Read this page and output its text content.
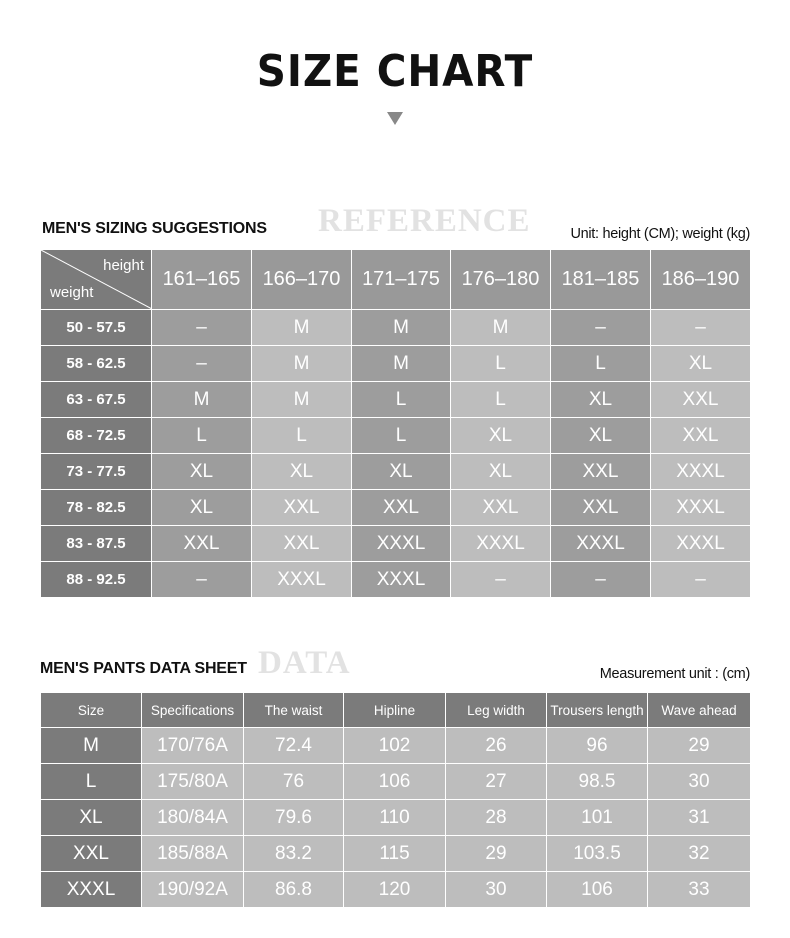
SIZE CHART
REFERENCE
MEN'S SIZING SUGGESTIONS	Unit: height (CM); weight (kg)
height
weight	161–165	166–170	171–175	176–180	181–185	186–190
50 - 57.5	–	M	M	M	–	–
58 - 62.5	–	M	M	L	L	XL
63 - 67.5	M	M	L	L	XL	XXL
68 - 72.5	L	L	L	XL	XL	XXL
73 - 77.5	XL	XL	XL	XL	XXL	XXXL
78 - 82.5	XL	XXL	XXL	XXL	XXL	XXXL
83 - 87.5	XXL	XXL	XXXL	XXXL	XXXL	XXXL
88 - 92.5	–	XXXL	XXXL	–	–	–
DATA
MEN'S PANTS DATA SHEET	Measurement unit : (cm)
Size	Specifications	The waist	Hipline	Leg width	Trousers length	Wave ahead
M	170/76A	72.4	102	26	96	29
L	175/80A	76	106	27	98.5	30
XL	180/84A	79.6	110	28	101	31
XXL	185/88A	83.2	115	29	103.5	32
XXXL	190/92A	86.8	120	30	106	33
